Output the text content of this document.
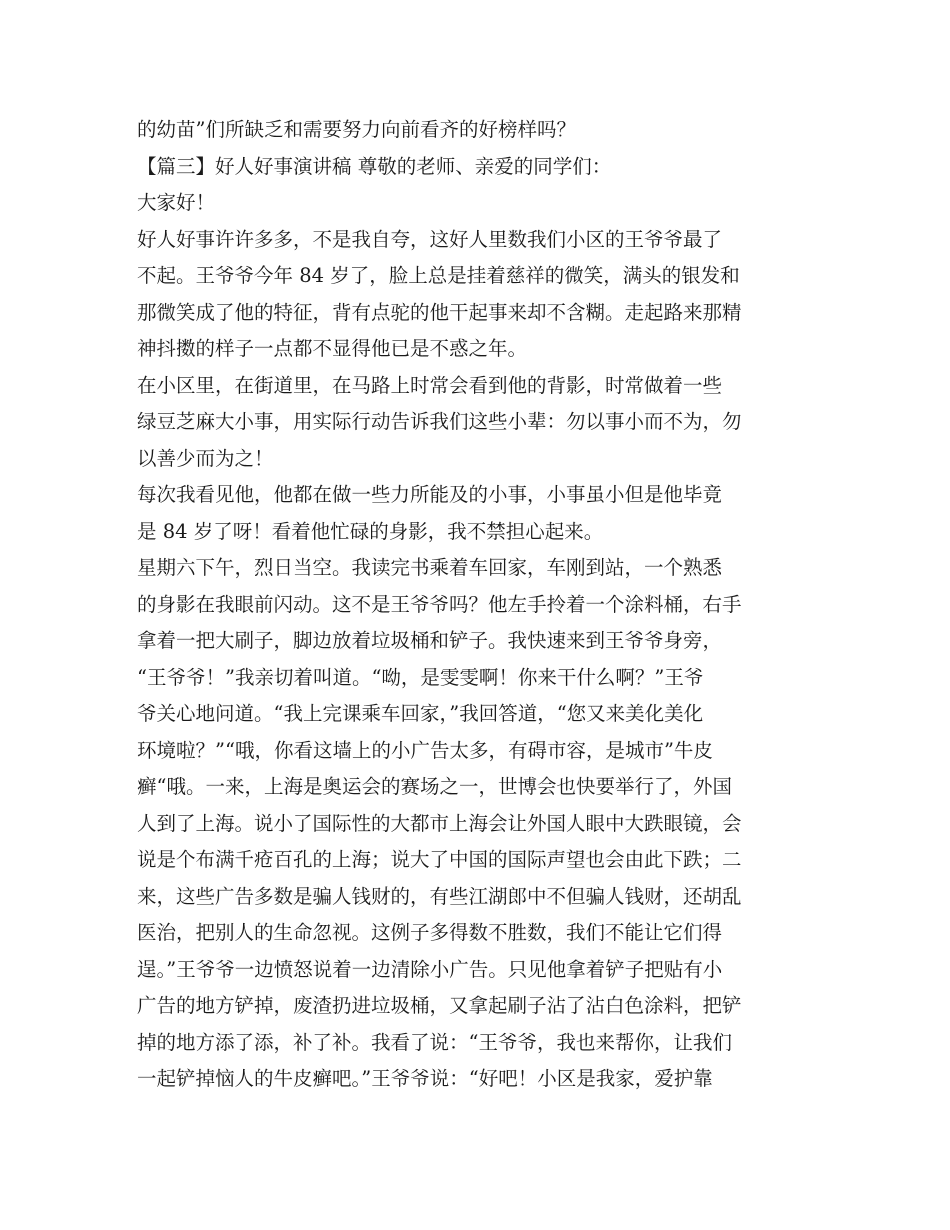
的幼苗”们所缺乏和需要努力向前看齐的好榜样吗？
【篇三】好人好事演讲稿 尊敬的老师、亲爱的同学们：
大家好！
好人好事许许多多，不是我自夸，这好人里数我们小区的王爷爷最了
不起。王爷爷今年 84 岁了，脸上总是挂着慈祥的微笑，满头的银发和
那微笑成了他的特征，背有点驼的他干起事来却不含糊。走起路来那精
神抖擞的样子一点都不显得他已是不惑之年。
在小区里，在街道里，在马路上时常会看到他的背影，时常做着一些
绿豆芝麻大小事，用实际行动告诉我们这些小辈：勿以事小而不为，勿
以善少而为之！
每次我看见他，他都在做一些力所能及的小事，小事虽小但是他毕竟
是 84 岁了呀！看着他忙碌的身影，我不禁担心起来。
星期六下午，烈日当空。我读完书乘着车回家，车刚到站，一个熟悉
的身影在我眼前闪动。这不是王爷爷吗？他左手拎着一个涂料桶，右手
拿着一把大刷子，脚边放着垃圾桶和铲子。我快速来到王爷爷身旁，
“王爷爷！”我亲切着叫道。“呦，是雯雯啊！你来干什么啊？”王爷
爷关心地问道。“我上完课乘车回家，”我回答道，“您又来美化美化
环境啦？”“哦，你看这墙上的小广告太多，有碍市容，是城市”牛皮
癣“哦。一来，上海是奥运会的赛场之一，世博会也快要举行了，外国
人到了上海。说小了国际性的大都市上海会让外国人眼中大跌眼镜，会
说是个布满千疮百孔的上海；说大了中国的国际声望也会由此下跌；二
来，这些广告多数是骗人钱财的，有些江湖郎中不但骗人钱财，还胡乱
医治，把别人的生命忽视。这例子多得数不胜数，我们不能让它们得
逞。”王爷爷一边愤怒说着一边清除小广告。只见他拿着铲子把贴有小
广告的地方铲掉，废渣扔进垃圾桶，又拿起刷子沾了沾白色涂料，把铲
掉的地方添了添，补了补。我看了说：“王爷爷，我也来帮你，让我们
一起铲掉恼人的牛皮癣吧。”王爷爷说：“好吧！小区是我家，爱护靠
